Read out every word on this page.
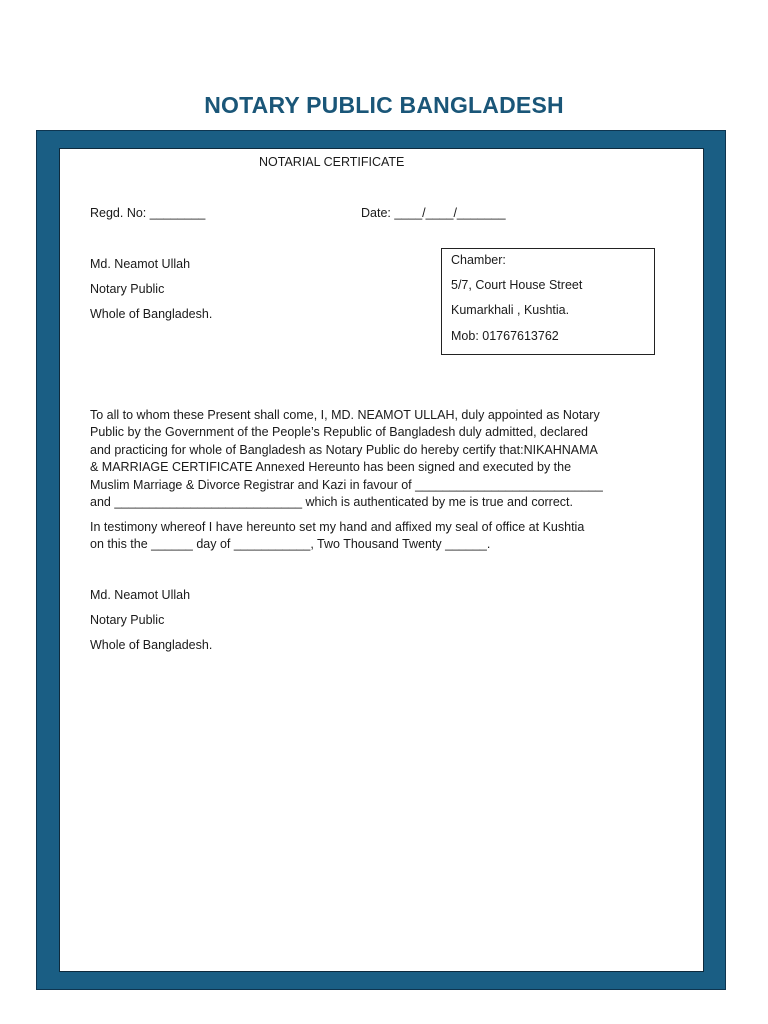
NOTARY PUBLIC BANGLADESH
NOTARIAL CERTIFICATE
Regd. No: ________	Date: ____/____/_______
Md. Neamot Ullah
Notary Public
Whole of Bangladesh.
Chamber:
5/7, Court House Street
Kumarkhali , Kushtia.
Mob: 01767613762
To all to whom these Present shall come, I, MD. NEAMOT ULLAH, duly appointed as Notary
Public by the Government of the People’s Republic of Bangladesh duly admitted, declared
and practicing for whole of Bangladesh as Notary Public do hereby certify that:NIKAHNAMA
& MARRIAGE CERTIFICATE Annexed Hereunto has been signed and executed by the
Muslim Marriage & Divorce Registrar and Kazi in favour of ___________________________
and ___________________________ which is authenticated by me is true and correct.
In testimony whereof I have hereunto set my hand and affixed my seal of office at Kushtia
on this the ______ day of ___________, Two Thousand Twenty ______.
Md. Neamot Ullah
Notary Public
Whole of Bangladesh.
